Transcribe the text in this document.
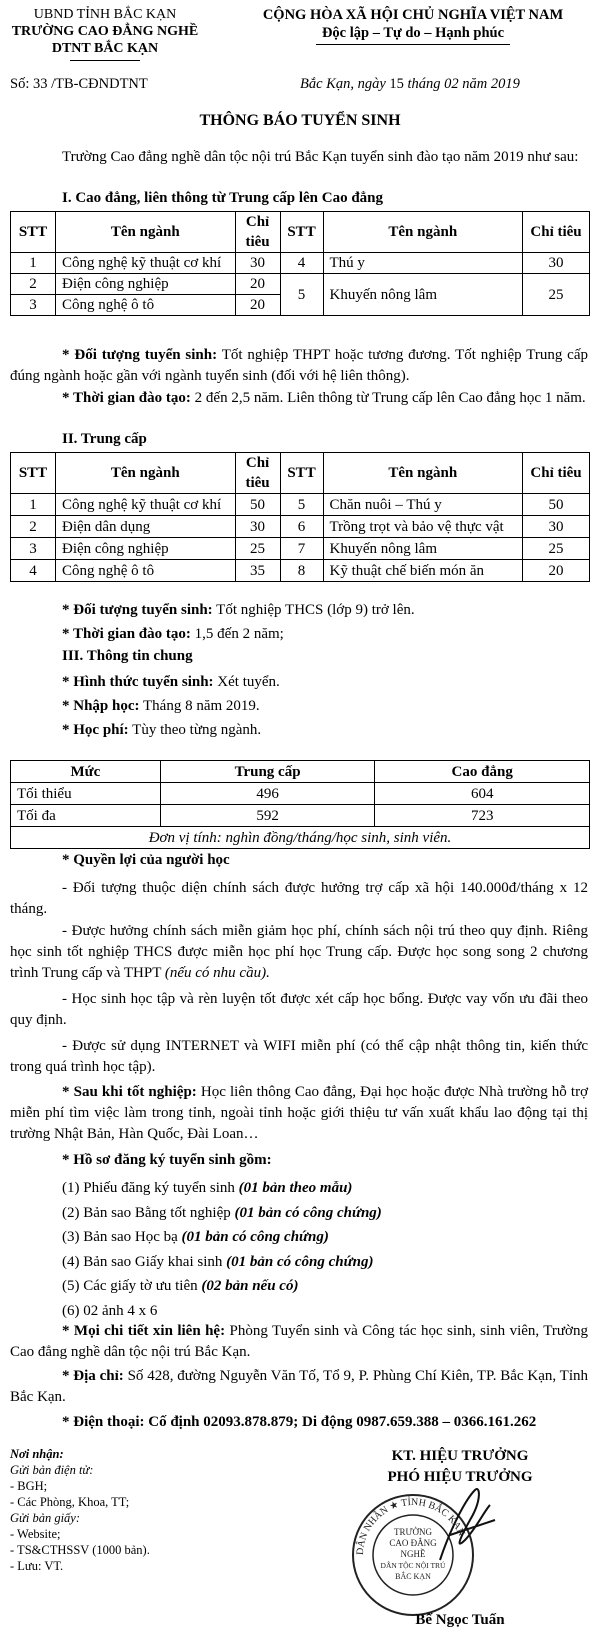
UBND TỈNH BẮC KẠN
TRƯỜNG CAO ĐẲNG NGHỀ
DTNT BẮC KẠN
CỘNG HÒA XÃ HỘI CHỦ NGHĨA VIỆT NAM
Độc lập – Tự do – Hạnh phúc
Số: 33 /TB-CĐNDTNT	Bắc Kạn, ngày 15 tháng 02 năm 2019
THÔNG BÁO TUYỂN SINH
Trường Cao đẳng nghề dân tộc nội trú Bắc Kạn tuyển sinh đào tạo năm 2019 như sau:
I. Cao đẳng, liên thông từ Trung cấp lên Cao đẳng
STT	Tên ngành	Chỉ tiêu	STT	Tên ngành	Chỉ tiêu
1	Công nghệ kỹ thuật cơ khí	30	4	Thú y	30
2	Điện công nghiệp	20	5	Khuyến nông lâm	25
3	Công nghệ ô tô	20			
* Đối tượng tuyển sinh: Tốt nghiệp THPT hoặc tương đương. Tốt nghiệp Trung cấp đúng ngành hoặc gần với ngành tuyển sinh (đối với hệ liên thông).
* Thời gian đào tạo: 2 đến 2,5 năm. Liên thông từ Trung cấp lên Cao đẳng học 1 năm.
II. Trung cấp
STT	Tên ngành	Chỉ tiêu	STT	Tên ngành	Chỉ tiêu
1	Công nghệ kỹ thuật cơ khí	50	5	Chăn nuôi – Thú y	50
2	Điện dân dụng	30	6	Trồng trọt và bảo vệ thực vật	30
3	Điện công nghiệp	25	7	Khuyến nông lâm	25
4	Công nghệ ô tô	35	8	Kỹ thuật chế biến món ăn	20
* Đối tượng tuyển sinh: Tốt nghiệp THCS (lớp 9) trở lên.
* Thời gian đào tạo: 1,5 đến 2 năm;
III. Thông tin chung
* Hình thức tuyển sinh: Xét tuyển.
* Nhập học: Tháng 8 năm 2019.
* Học phí: Tùy theo từng ngành.
Mức	Trung cấp	Cao đẳng
Tối thiểu	496	604
Tối đa	592	723
Đơn vị tính: nghìn đồng/tháng/học sinh, sinh viên.		
* Quyền lợi của người học
- Đối tượng thuộc diện chính sách được hưởng trợ cấp xã hội 140.000đ/tháng x 12 tháng.
- Được hưởng chính sách miễn giảm học phí, chính sách nội trú theo quy định. Riêng học sinh tốt nghiệp THCS được miễn học phí học Trung cấp. Được học song song 2 chương trình Trung cấp và THPT (nếu có nhu cầu).
- Học sinh học tập và rèn luyện tốt được xét cấp học bổng. Được vay vốn ưu đãi theo quy định.
- Được sử dụng INTERNET và WIFI miễn phí (có thể cập nhật thông tin, kiến thức trong quá trình học tập).
* Sau khi tốt nghiệp: Học liên thông Cao đẳng, Đại học hoặc được Nhà trường hỗ trợ miễn phí tìm việc làm trong tỉnh, ngoài tỉnh hoặc giới thiệu tư vấn xuất khẩu lao động tại thị trường Nhật Bản, Hàn Quốc, Đài Loan…
* Hồ sơ đăng ký tuyển sinh gồm:
(1) Phiếu đăng ký tuyển sinh (01 bản theo mẫu)
(2) Bản sao Bằng tốt nghiệp (01 bản có công chứng)
(3) Bản sao Học bạ (01 bản có công chứng)
(4) Bản sao Giấy khai sinh (01 bản có công chứng)
(5) Các giấy tờ ưu tiên (02 bản nếu có)
(6) 02 ảnh 4 x 6
* Mọi chi tiết xin liên hệ: Phòng Tuyển sinh và Công tác học sinh, sinh viên, Trường Cao đẳng nghề dân tộc nội trú Bắc Kạn.
* Địa chỉ: Số 428, đường Nguyễn Văn Tố, Tổ 9, P. Phùng Chí Kiên, TP. Bắc Kạn, Tỉnh Bắc Kạn.
* Điện thoại: Cố định 02093.878.879; Di động 0987.659.388 – 0366.161.262
Nơi nhận:
Gửi bản điện tử:
- BGH;
- Các Phòng, Khoa, TT;
Gửi bản giấy:
- Website;
- TS&CTHSSV (1000 bản).
- Lưu: VT.
KT. HIỆU TRƯỞNG
PHÓ HIỆU TRƯỞNG
DÂN NHÂN ★ TỈNH BẮC KẠN
TRƯỜNG
CAO ĐẲNG
NGHỀ
DÂN TỘC NỘI TRÚ
BẮC KẠN
Bế Ngọc Tuấn
